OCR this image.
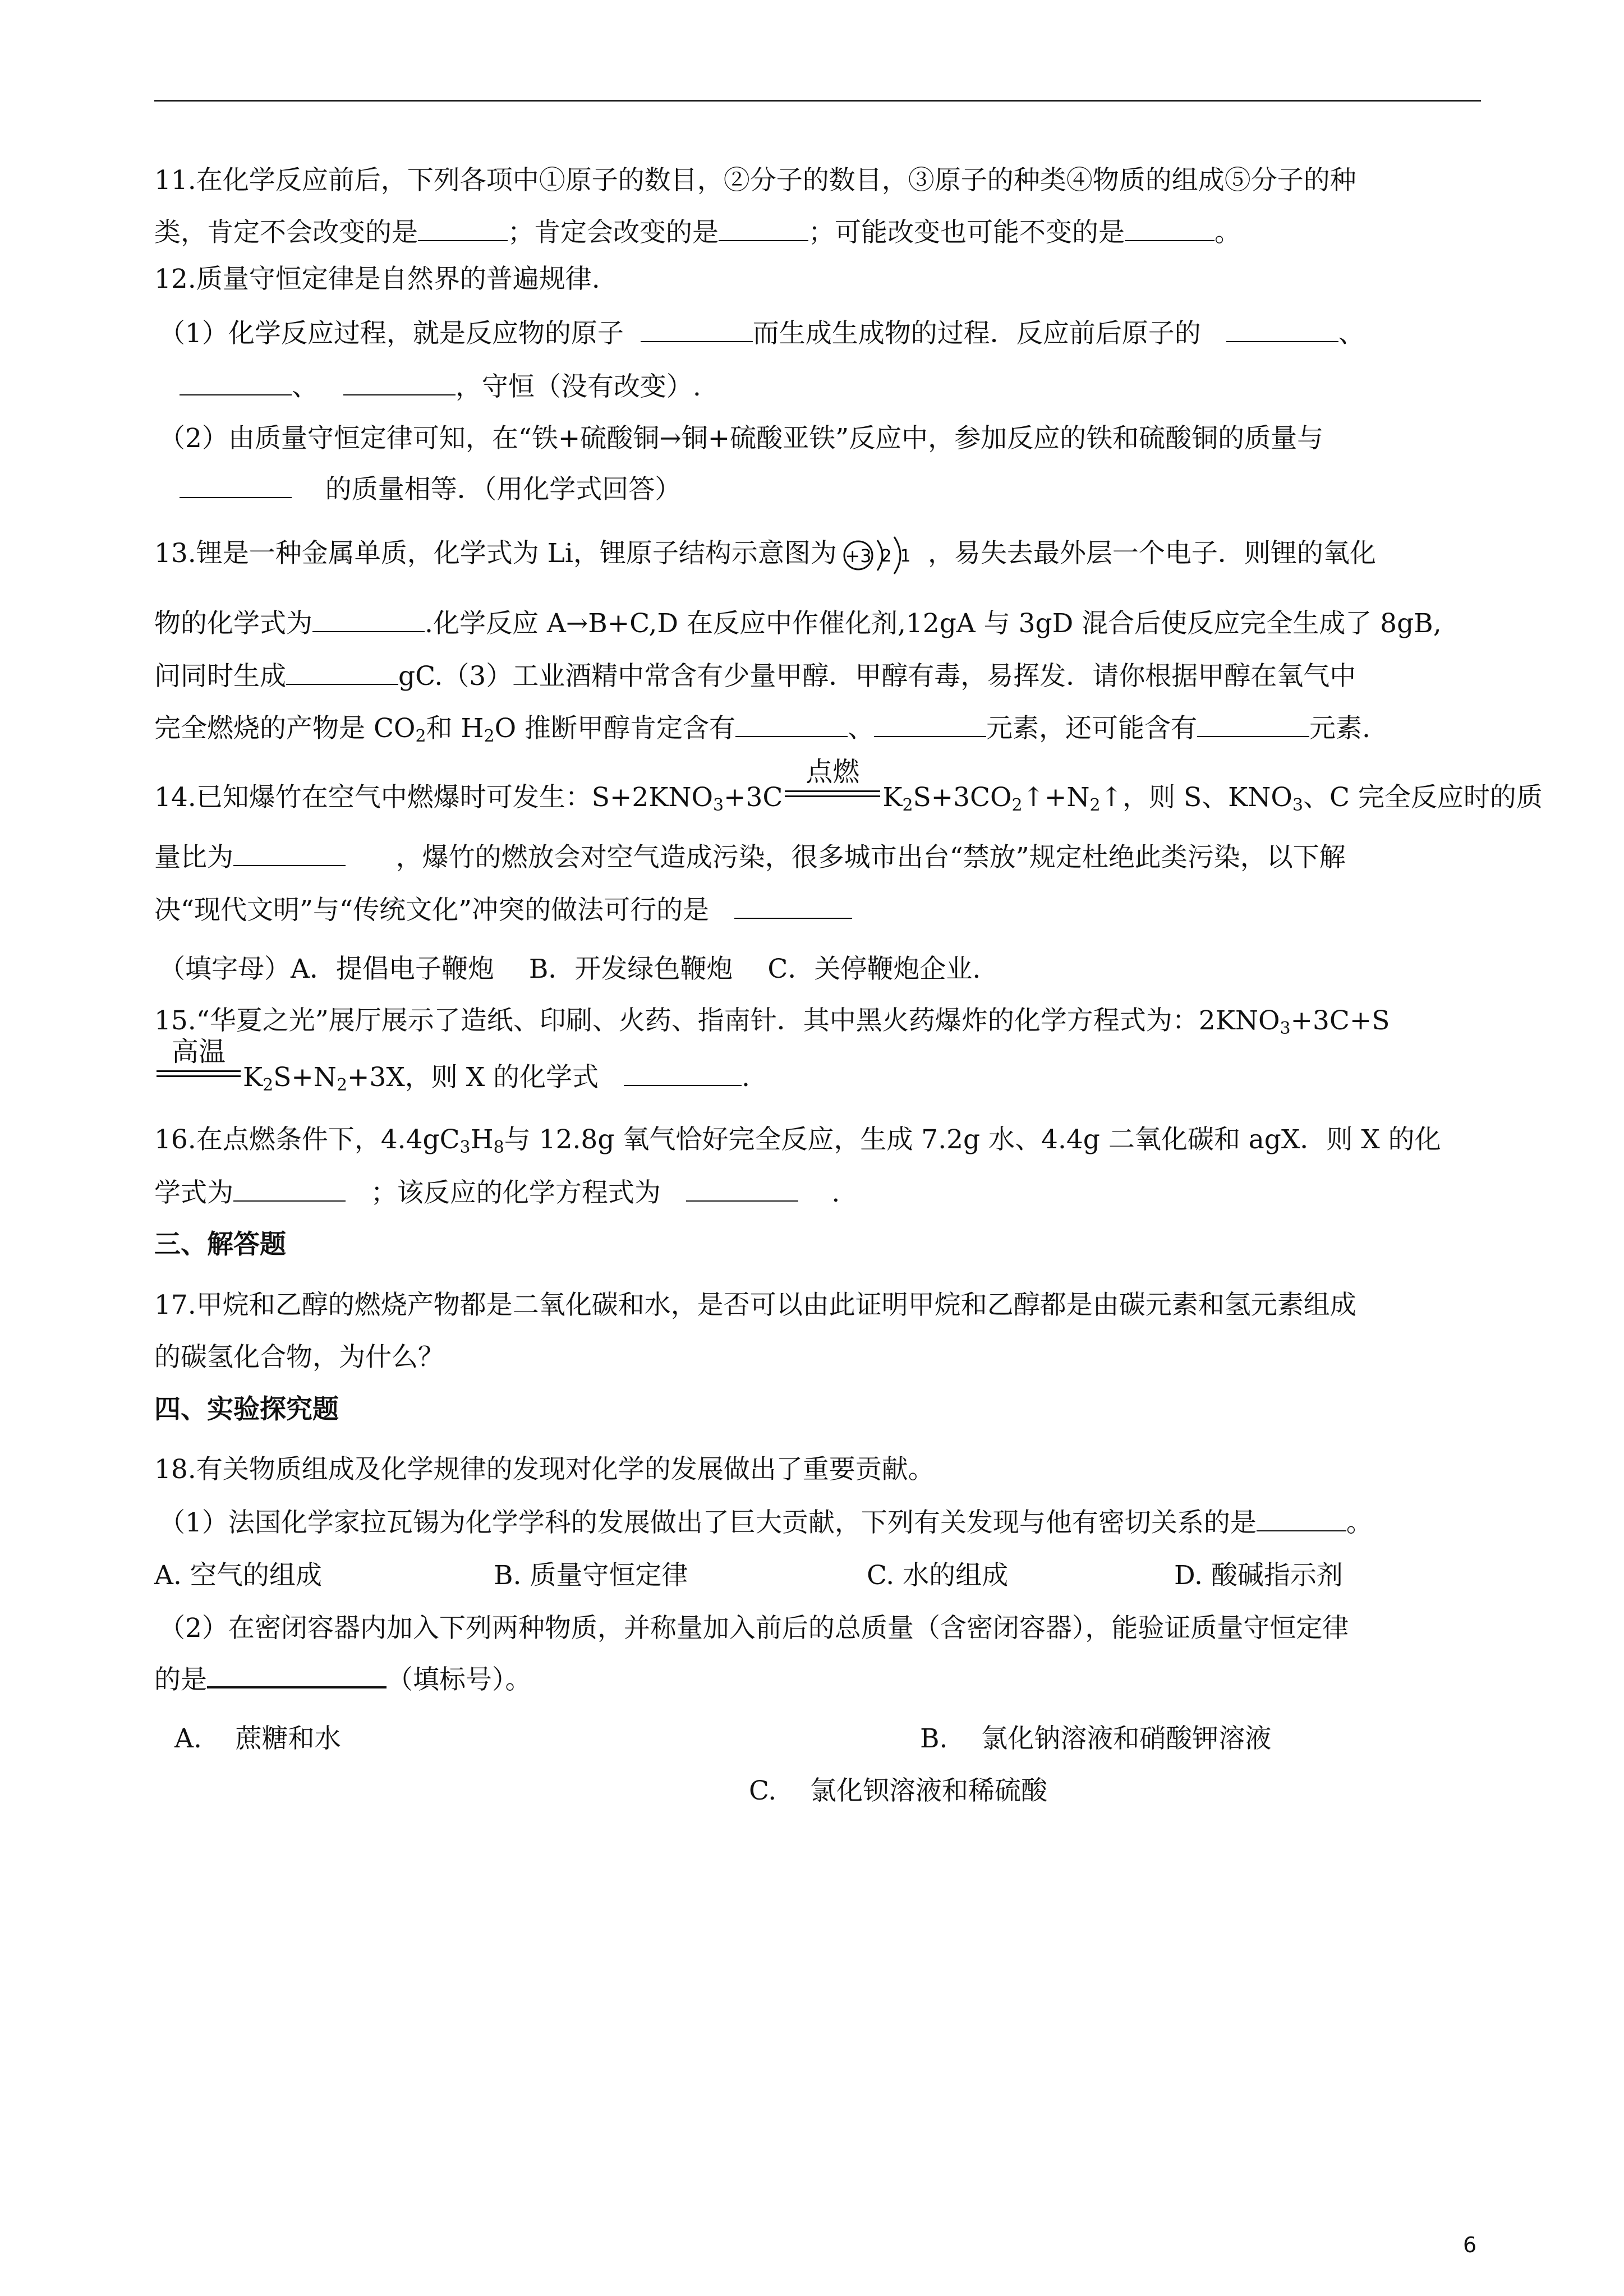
11.在化学反应前后，下列各项中①原子的数目，②分子的数目，③原子的种类④物质的组成⑤分子的种
类，肯定不会改变的是	；肯定会改变的是	；可能改变也可能不变的是	。
12.质量守恒定律是自然界的普遍规律.
（1）化学反应过程，就是反应物的原子	而生成生成物的过程．反应前后原子的	、
、	，守恒（没有改变）.
（2）由质量守恒定律可知，在“铁+硫酸铜→铜+硫酸亚铁”反应中，参加反应的铁和硫酸铜的质量与
的质量相等．（用化学式回答）
13.锂是一种金属单质，化学式为 Li，锂原子结构示意图为 +3 2 1 ，易失去最外层一个电子．则锂的氧化
物的化学式为	.化学反应 A→B+C,D 在反应中作催化剂,12gA 与 3gD 混合后使反应完全生成了 8gB,
问同时生成	gC.（3）工业酒精中常含有少量甲醇．甲醇有毒，易挥发．请你根据甲醇在氧气中
完全燃烧的产物是 $CO_2$和 $H_2O$ 推断甲醇肯定含有	、	元素，还可能含有	元素.
14.已知爆竹在空气中燃爆时可发生：$S+2KNO_3+3C$
点燃
$K_2S+3CO_2↑+N_2↑$，则 S、$KNO_3$、C 完全反应时的质
量比为	，爆竹的燃放会对空气造成污染，很多城市出台“禁放”规定杜绝此类污染，以下解
决“现代文明”与“传统文化”冲突的做法可行的是
（填字母）A．提倡电子鞭炮　 B．开发绿色鞭炮　 C．关停鞭炮企业.
15.“华夏之光”展厅展示了造纸、印刷、火药、指南针．其中黑火药爆炸的化学方程式为：$2KNO_3+3C+S$
高温
$K_2S+N_2+3X$，则 X 的化学式	.
16.在点燃条件下，$4.4gC_3H_8$与 12.8g 氧气恰好完全反应，生成 7.2g 水、4.4g 二氧化碳和 agX．则 X 的化
学式为	；该反应的化学方程式为	.
三、解答题
17.甲烷和乙醇的燃烧产物都是二氧化碳和水，是否可以由此证明甲烷和乙醇都是由碳元素和氢元素组成
的碳氢化合物，为什么？
四、实验探究题
18.有关物质组成及化学规律的发现对化学的发展做出了重要贡献。
（1）法国化学家拉瓦锡为化学学科的发展做出了巨大贡献，下列有关发现与他有密切关系的是	。
A. 空气的组成	B. 质量守恒定律	C. 水的组成	D. 酸碱指示剂
（2）在密闭容器内加入下列两种物质，并称量加入前后的总质量（含密闭容器），能验证质量守恒定律
的是	（填标号）。
A. 蔗糖和水	B. 氯化钠溶液和硝酸钾溶液
C. 氯化钡溶液和稀硫酸
6
